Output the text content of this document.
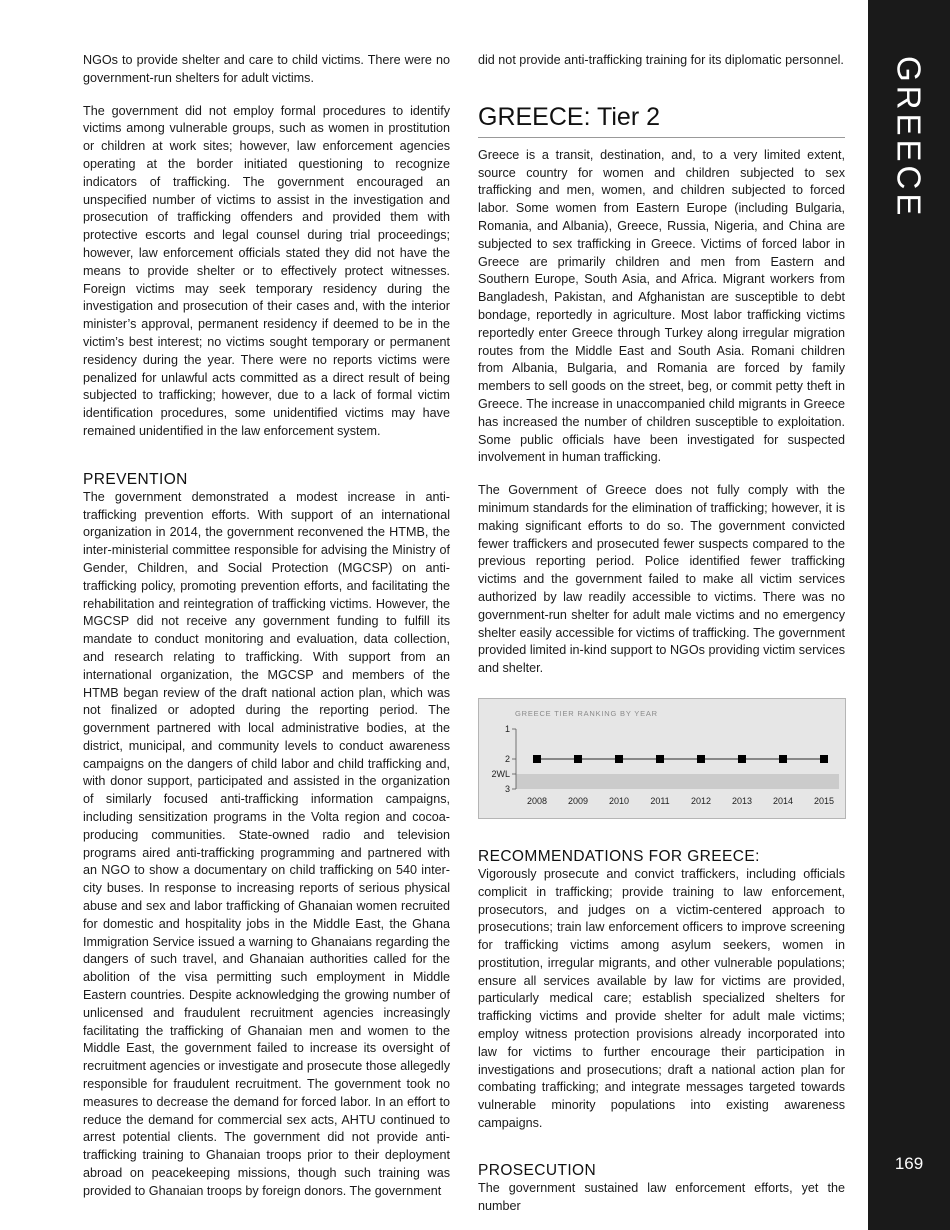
NGOs to provide shelter and care to child victims. There were no government-run shelters for adult victims.

The government did not employ formal procedures to identify victims among vulnerable groups, such as women in prostitution or children at work sites; however, law enforcement agencies operating at the border initiated questioning to recognize indicators of trafficking. The government encouraged an unspecified number of victims to assist in the investigation and prosecution of trafficking offenders and provided them with protective escorts and legal counsel during trial proceedings; however, law enforcement officials stated they did not have the means to provide shelter or to effectively protect witnesses. Foreign victims may seek temporary residency during the investigation and prosecution of their cases and, with the interior minister’s approval, permanent residency if deemed to be in the victim’s best interest; no victims sought temporary or permanent residency during the year. There were no reports victims were penalized for unlawful acts committed as a direct result of being subjected to trafficking; however, due to a lack of formal victim identification procedures, some unidentified victims may have remained unidentified in the law enforcement system.

PREVENTION

The government demonstrated a modest increase in anti-trafficking prevention efforts. With support of an international organization in 2014, the government reconvened the HTMB, the inter-ministerial committee responsible for advising the Ministry of Gender, Children, and Social Protection (MGCSP) on anti-trafficking policy, promoting prevention efforts, and facilitating the rehabilitation and reintegration of trafficking victims. However, the MGCSP did not receive any government funding to fulfill its mandate to conduct monitoring and evaluation, data collection, and research relating to trafficking. With support from an international organization, the MGCSP and members of the HTMB began review of the draft national action plan, which was not finalized or adopted during the reporting period. The government partnered with local administrative bodies, at the district, municipal, and community levels to conduct awareness campaigns on the dangers of child labor and child trafficking and, with donor support, participated and assisted in the organization of similarly focused anti-trafficking information campaigns, including sensitization programs in the Volta region and cocoa-producing communities. State-owned radio and television programs aired anti-trafficking programming and partnered with an NGO to show a documentary on child trafficking on 540 inter-city buses. In response to increasing reports of serious physical abuse and sex and labor trafficking of Ghanaian women recruited for domestic and hospitality jobs in the Middle East, the Ghana Immigration Service issued a warning to Ghanaians regarding the dangers of such travel, and Ghanaian authorities called for the abolition of the visa permitting such employment in Middle Eastern countries. Despite acknowledging the growing number of unlicensed and fraudulent recruitment agencies increasingly facilitating the trafficking of Ghanaian men and women to the Middle East, the government failed to increase its oversight of recruitment agencies or investigate and prosecute those allegedly responsible for fraudulent recruitment. The government took no measures to decrease the demand for forced labor. In an effort to reduce the demand for commercial sex acts, AHTU continued to arrest potential clients. The government did not provide anti-trafficking training to Ghanaian troops prior to their deployment abroad on peacekeeping missions, though such training was provided to Ghanaian troops by foreign donors. The government

did not provide anti-trafficking training for its diplomatic personnel.

GREECE: Tier 2

Greece is a transit, destination, and, to a very limited extent, source country for women and children subjected to sex trafficking and men, women, and children subjected to forced labor. Some women from Eastern Europe (including Bulgaria, Romania, and Albania), Greece, Russia, Nigeria, and China are subjected to sex trafficking in Greece. Victims of forced labor in Greece are primarily children and men from Eastern and Southern Europe, South Asia, and Africa. Migrant workers from Bangladesh, Pakistan, and Afghanistan are susceptible to debt bondage, reportedly in agriculture. Most labor trafficking victims reportedly enter Greece through Turkey along irregular migration routes from the Middle East and South Asia. Romani children from Albania, Bulgaria, and Romania are forced by family members to sell goods on the street, beg, or commit petty theft in Greece. The increase in unaccompanied child migrants in Greece has increased the number of children susceptible to exploitation. Some public officials have been investigated for suspected involvement in human trafficking.

The Government of Greece does not fully comply with the minimum standards for the elimination of trafficking; however, it is making significant efforts to do so. The government convicted fewer traffickers and prosecuted fewer suspects compared to the previous reporting period. Police identified fewer trafficking victims and the government failed to make all victim services authorized by law readily accessible to victims. There was no government-run shelter for adult male victims and no emergency shelter easily accessible for victims of trafficking. The government provided limited in-kind support to NGOs providing victim services and shelter.

GREECE TIER RANKING BY YEAR
1
2
2WL
3
2008 2009 2010 2011 2012 2013 2014 2015
RECOMMENDATIONS FOR GREECE:

Vigorously prosecute and convict traffickers, including officials complicit in trafficking; provide training to law enforcement, prosecutors, and judges on a victim-centered approach to prosecutions; train law enforcement officers to improve screening for trafficking victims among asylum seekers, women in prostitution, irregular migrants, and other vulnerable populations; ensure all services available by law for victims are provided, particularly medical care; establish specialized shelters for trafficking victims and provide shelter for adult male victims; employ witness protection provisions already incorporated into law for victims to further encourage their participation in investigations and prosecutions; draft a national action plan for combating trafficking; and integrate messages targeted towards vulnerable minority populations into existing awareness campaigns.

PROSECUTION

The government sustained law enforcement efforts, yet the number

GREECE
169
